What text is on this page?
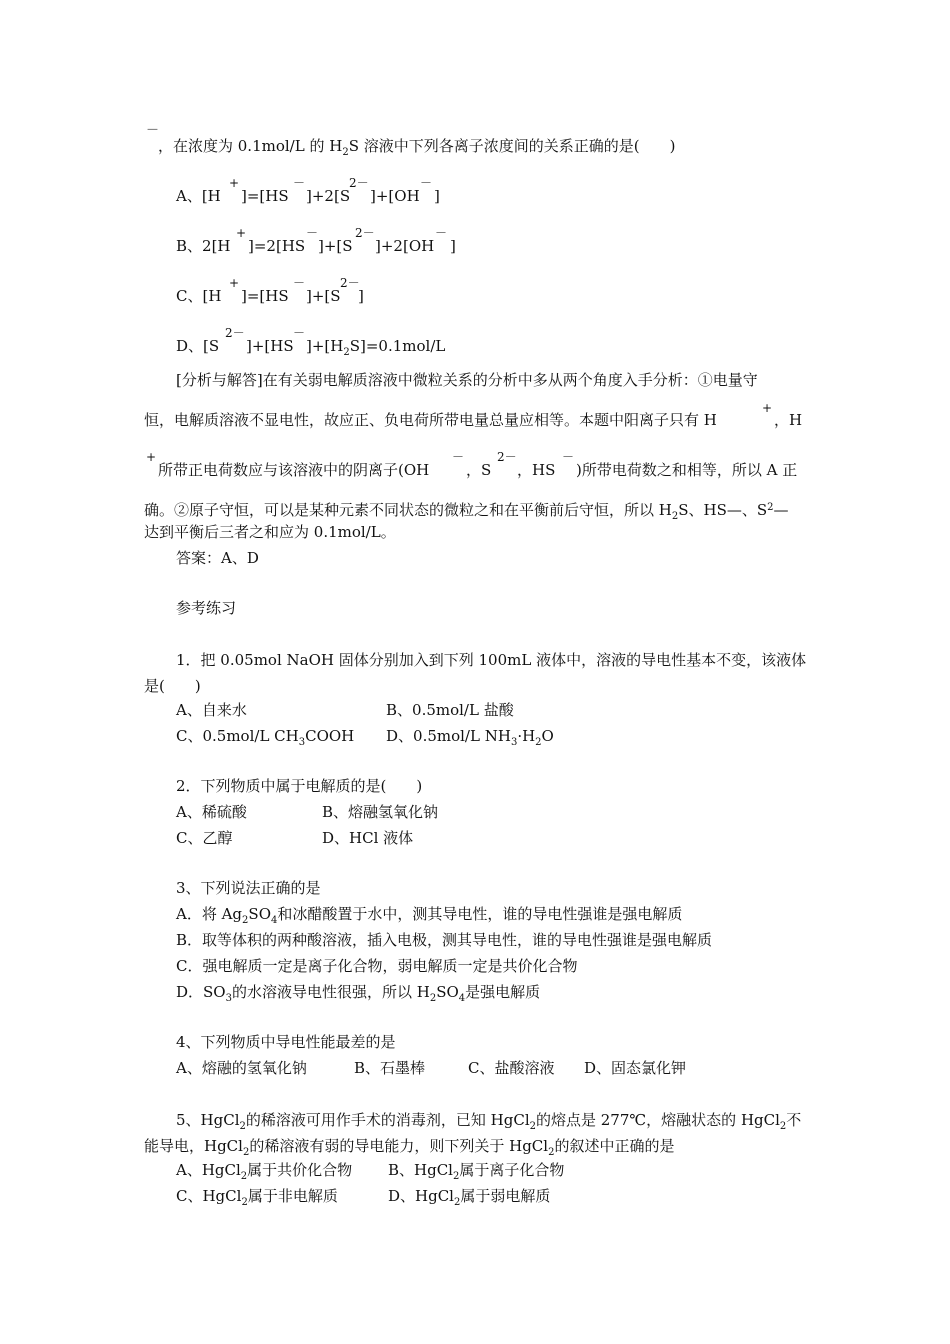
－
，在浓度为 0.1mol/L 的 $H_2S$ 溶液中下列各离子浓度间的关系正确的是(　　)
A、[H
+
]=[HS
－
]+2[S
2－
]+[OH
－
]
B、2[H
+
]=2[HS
－
]+[S
2－
]+2[OH
－
]
C、[H
+
]=[HS
－
]+[S
2－
]
D、[S
2－
]+[HS
－
]$+[H_2S]=0.1mol/L$
[分析与解答]在有关弱电解质溶液中微粒关系的分析中多从两个角度入手分析：①电量守
恒，电解质溶液不显电性，故应正、负电荷所带电量总量应相等。本题中阳离子只有 H
+
，H
+
所带正电荷数应与该溶液中的阴离子(OH
－
，S
2－
，HS
－
)所带电荷数之和相等，所以 A 正
确。②原子守恒，可以是某种元素不同状态的微粒之和在平衡前后守恒，所以 $H_2S$、HS—、$S^2—$
达到平衡后三者之和应为 0.1mol/L。
答案：A、D
参考练习
1．把 0.05mol NaOH 固体分别加入到下列 100mL 液体中，溶液的导电性基本不变，该液体
是(　　)
A、自来水	B、0.5mol/L 盐酸
C、0.5mol/L $CH_3COOH$ D、0.5mol/L $NH_3\cdot H_2O$
2．下列物质中属于电解质的是(　　)
A、稀硫酸	B、熔融氢氧化钠
C、乙醇	D、HCl 液体
3、下列说法正确的是
A．将 $Ag_2SO_4$和冰醋酸置于水中，测其导电性，谁的导电性强谁是强电解质
B．取等体积的两种酸溶液，插入电极，测其导电性，谁的导电性强谁是强电解质
C．强电解质一定是离子化合物，弱电解质一定是共价化合物
D．$SO_3$的水溶液导电性很强，所以 $H_2SO_4$是强电解质
4、下列物质中导电性能最差的是
A、熔融的氢氧化钠	B、石墨棒	C、盐酸溶液 D、固态氯化钾
5、HgCl$_2$的稀溶液可用作手术的消毒剂，已知 HgCl$_2$的熔点是 277℃，熔融状态的 HgCl$_2$不
能导电，HgCl$_2$的稀溶液有弱的导电能力，则下列关于 HgCl$_2$的叙述中正确的是
A、HgCl$_2$属于共价化合物 B、HgCl$_2$属于离子化合物
C、HgCl$_2$属于非电解质	D、HgCl$_2$属于弱电解质
